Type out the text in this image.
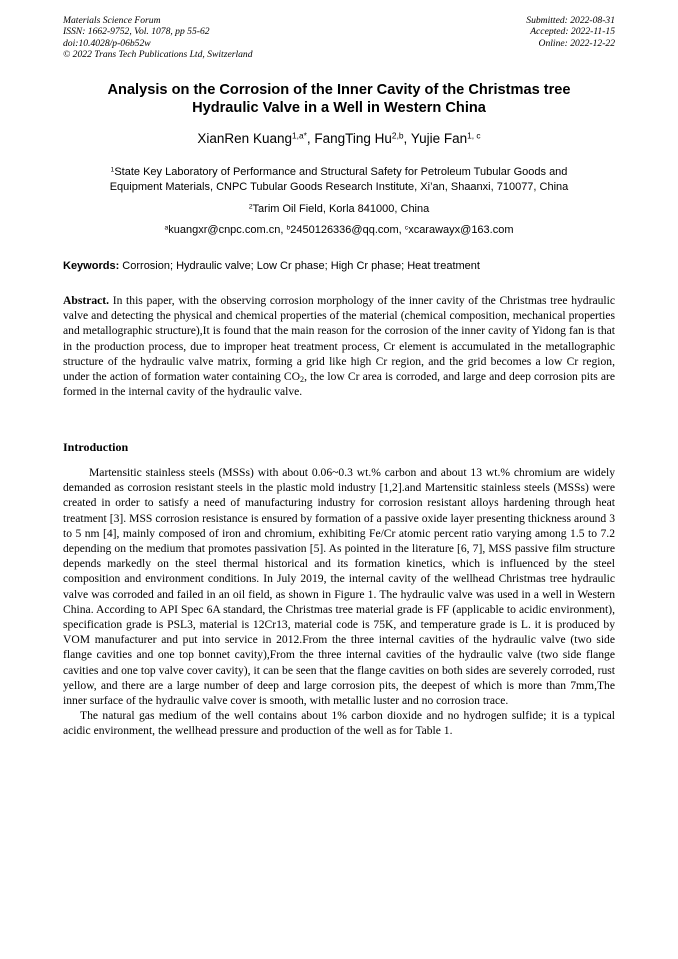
Materials Science Forum
ISSN: 1662-9752, Vol. 1078, pp 55-62
doi:10.4028/p-06b52w
© 2022 Trans Tech Publications Ltd, Switzerland
Submitted: 2022-08-31
Accepted: 2022-11-15
Online: 2022-12-22
Analysis on the Corrosion of the Inner Cavity of the Christmas tree
Hydraulic Valve in a Well in Western China
XianRen Kuang$^{1,a*}$, FangTing Hu$^{2,b}$, Yujie Fan$^{1, c}$
$^1$State Key Laboratory of Performance and Structural Safety for Petroleum Tubular Goods and
Equipment Materials, CNPC Tubular Goods Research Institute, Xi’an, Shaanxi, 710077, China
$^2$Tarim Oil Field, Korla 841000, China
$^a$kuangxr@cnpc.com.cn, $^b$2450126336@qq.com, $^c$xcarawayx@163.com
Keywords: Corrosion; Hydraulic valve; Low Cr phase; High Cr phase; Heat treatment
Abstract. In this paper, with the observing corrosion morphology of the inner cavity of the Christmas tree hydraulic valve and detecting the physical and chemical properties of the material (chemical composition, mechanical properties and metallographic structure),It is found that the main reason for the corrosion of the inner cavity of Yidong fan is that in the production process, due to improper heat treatment process, Cr element is accumulated in the metallographic structure of the hydraulic valve matrix, forming a grid like high Cr region, and the grid becomes a low Cr region, under the action of formation water containing $CO_2$, the low Cr area is corroded, and large and deep corrosion pits are formed in the internal cavity of the hydraulic valve.
Introduction

Martensitic stainless steels (MSSs) with about 0.06~0.3 wt.% carbon and about 13 wt.% chromium are widely demanded as corrosion resistant steels in the plastic mold industry [1,2].and Martensitic stainless steels (MSSs) were created in order to satisfy a need of manufacturing industry for corrosion resistant alloys hardening through heat treatment [3]. MSS corrosion resistance is ensured by formation of a passive oxide layer presenting thickness around 3 to 5 nm [4], mainly composed of iron and chromium, exhibiting Fe/Cr atomic percent ratio varying among 1.5 to 7.2 depending on the medium that promotes passivation [5]. As pointed in the literature [6, 7], MSS passive film structure depends markedly on the steel thermal historical and its formation kinetics, which is influenced by the steel composition and environment conditions. In July 2019, the internal cavity of the wellhead Christmas tree hydraulic valve was corroded and failed in an oil field, as shown in Figure 1. The hydraulic valve was used in a well in Western China. According to API Spec 6A standard, the Christmas tree material grade is FF (applicable to acidic environment), specification grade is PSL3, material is 12Cr13, material code is 75K, and temperature grade is L. it is produced by VOM manufacturer and put into service in 2012.From the three internal cavities of the hydraulic valve (two side flange cavities and one top bonnet cavity),From the three internal cavities of the hydraulic valve (two side flange cavities and one top valve cover cavity), it can be seen that the flange cavities on both sides are severely corroded, rust yellow, and there are a large number of deep and large corrosion pits, the deepest of which is more than 7mm,The inner surface of the hydraulic valve cover is smooth, with metallic luster and no corrosion trace.

The natural gas medium of the well contains about 1% carbon dioxide and no hydrogen sulfide; it is a typical acidic environment, the wellhead pressure and production of the well as for Table 1.
